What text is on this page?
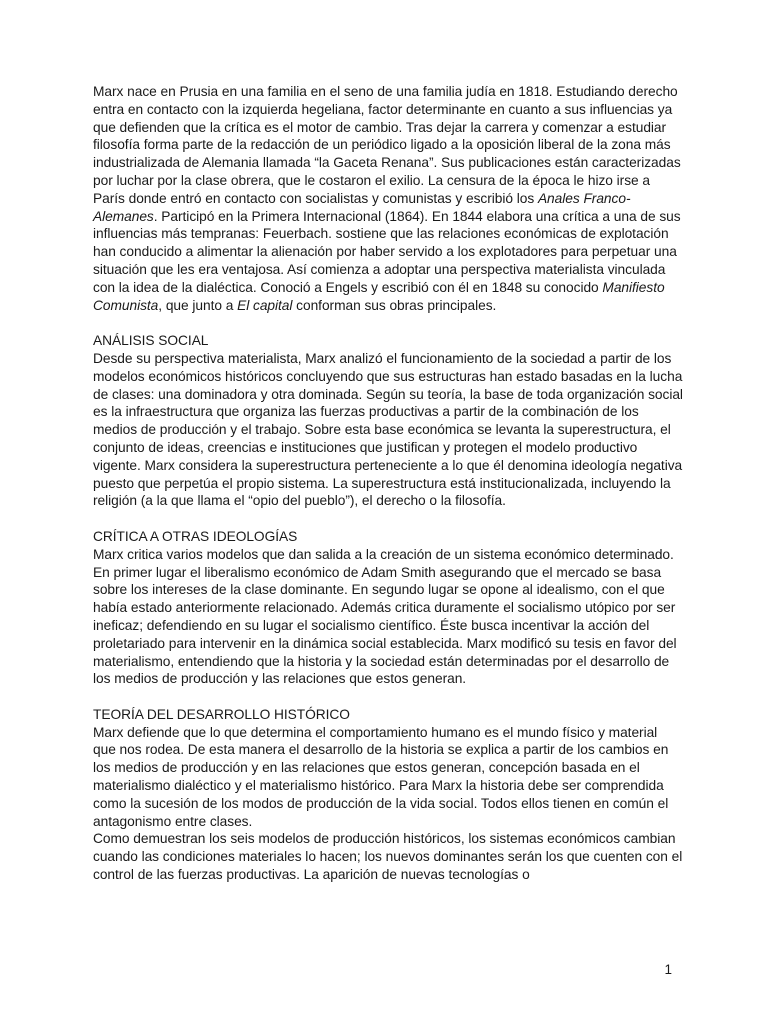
Marx nace en Prusia en una familia en el seno de una familia judía en 1818. Estudiando derecho entra en contacto con la izquierda hegeliana, factor determinante en cuanto a sus influencias ya que defienden que la crítica es el motor de cambio. Tras dejar la carrera y comenzar a estudiar filosofía forma parte de la redacción de un periódico ligado a la oposición liberal de la zona más industrializada de Alemania llamada “la Gaceta Renana”. Sus publicaciones están caracterizadas por luchar por la clase obrera, que le costaron el exilio. La censura de la época le hizo irse a París donde entró en contacto con socialistas y comunistas y escribió los Anales Franco-Alemanes. Participó en la Primera Internacional (1864). En 1844 elabora una crítica a una de sus influencias más tempranas: Feuerbach. sostiene que las relaciones económicas de explotación han conducido a alimentar la alienación por haber servido a los explotadores para perpetuar una situación que les era ventajosa. Así comienza a adoptar una perspectiva materialista vinculada con la idea de la dialéctica. Conoció a Engels y escribió con él en 1848 su conocido Manifiesto Comunista, que junto a El capital conforman sus obras principales.

ANÁLISIS SOCIAL

Desde su perspectiva materialista, Marx analizó el funcionamiento de la sociedad a partir de los modelos económicos históricos concluyendo que sus estructuras han estado basadas en la lucha de clases: una dominadora y otra dominada. Según su teoría, la base de toda organización social es la infraestructura que organiza las fuerzas productivas a partir de la combinación de los medios de producción y el trabajo. Sobre esta base económica se levanta la superestructura, el conjunto de ideas, creencias e instituciones que justifican y protegen el modelo productivo vigente. Marx considera la superestructura perteneciente a lo que él denomina ideología negativa puesto que perpetúa el propio sistema. La superestructura está institucionalizada, incluyendo la religión (a la que llama el “opio del pueblo”), el derecho o la filosofía.

CRÍTICA A OTRAS IDEOLOGÍAS

Marx critica varios modelos que dan salida a la creación de un sistema económico determinado. En primer lugar el liberalismo económico de Adam Smith asegurando que el mercado se basa sobre los intereses de la clase dominante. En segundo lugar se opone al idealismo, con el que había estado anteriormente relacionado. Además critica duramente el socialismo utópico por ser ineficaz; defendiendo en su lugar el socialismo científico. Éste busca incentivar la acción del proletariado para intervenir en la dinámica social establecida. Marx modificó su tesis en favor del materialismo, entendiendo que la historia y la sociedad están determinadas por el desarrollo de los medios de producción y las relaciones que estos generan.

TEORÍA DEL DESARROLLO HISTÓRICO

Marx defiende que lo que determina el comportamiento humano es el mundo físico y material que nos rodea. De esta manera el desarrollo de la historia se explica a partir de los cambios en los medios de producción y en las relaciones que estos generan, concepción basada en el materialismo dialéctico y el materialismo histórico. Para Marx la historia debe ser comprendida como la sucesión de los modos de producción de la vida social. Todos ellos tienen en común el antagonismo entre clases.

Como demuestran los seis modelos de producción históricos, los sistemas económicos cambian cuando las condiciones materiales lo hacen; los nuevos dominantes serán los que cuenten con el control de las fuerzas productivas. La aparición de nuevas tecnologías o

1
